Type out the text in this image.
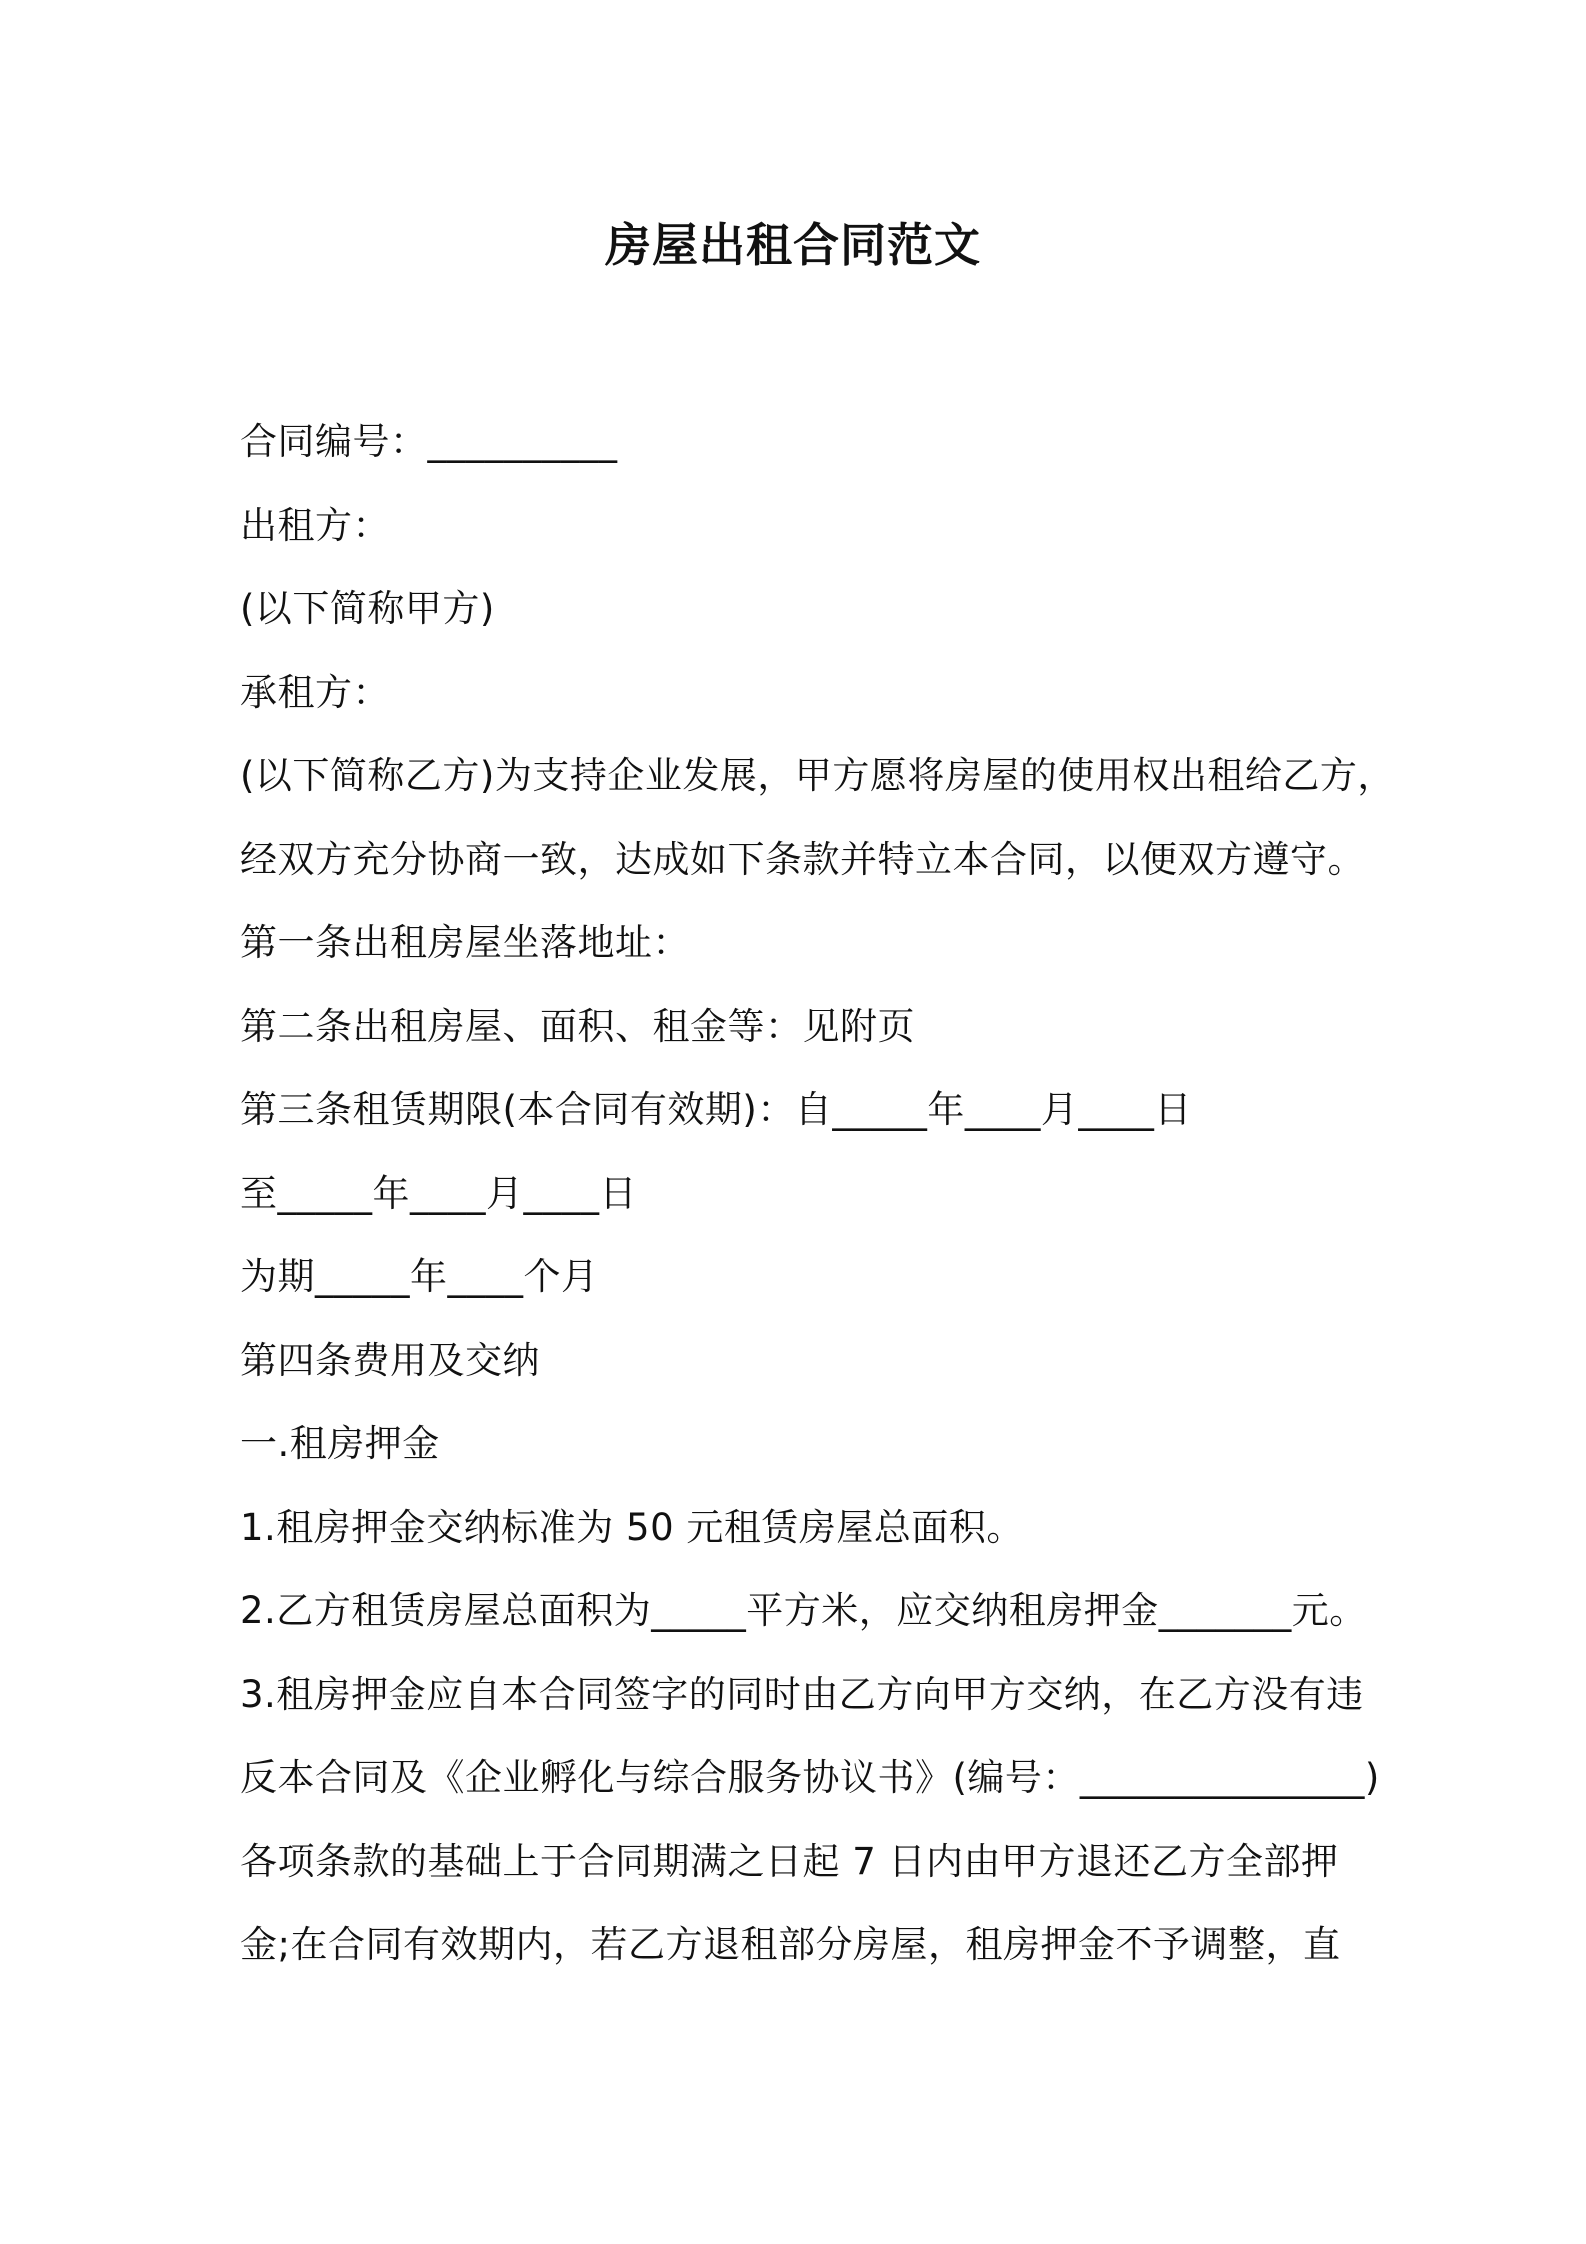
房屋出租合同范文
合同编号：__________
出租方：
(以下简称甲方)
承租方：
(以下简称乙方)为支持企业发展，甲方愿将房屋的使用权出租给乙方，
经双方充分协商一致，达成如下条款并特立本合同，以便双方遵守。
第一条出租房屋坐落地址：
第二条出租房屋、面积、租金等：见附页
第三条租赁期限(本合同有效期)：自_____年____月____日
至_____年____月____日
为期_____年____个月
第四条费用及交纳
一.租房押金
1.租房押金交纳标准为 50 元租赁房屋总面积。
2.乙方租赁房屋总面积为_____平方米，应交纳租房押金_______元。
3.租房押金应自本合同签字的同时由乙方向甲方交纳，在乙方没有违
反本合同及《企业孵化与综合服务协议书》(编号：_______________)
各项条款的基础上于合同期满之日起 7 日内由甲方退还乙方全部押
金;在合同有效期内，若乙方退租部分房屋，租房押金不予调整，直
